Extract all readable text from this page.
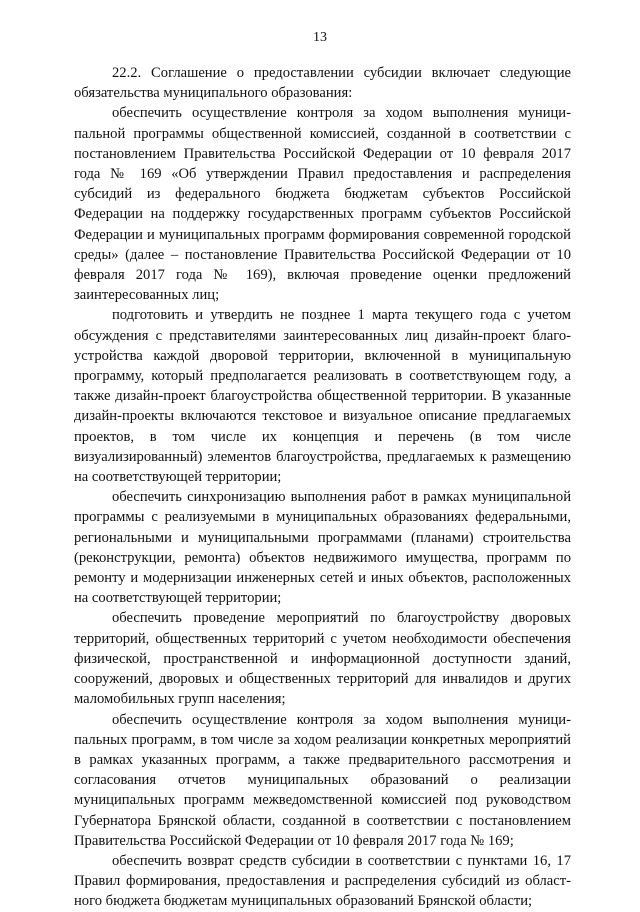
13

22.2. Соглашение о предоставлении субсидии включает следующие обязательства муниципального образования:

обеспечить осуществление контроля за ходом выполнения муниципальной программы общественной комиссией, созданной в соответствии с постановлением Правительства Российской Федерации от 10 февраля 2017 года № 169 «Об утверждении Правил предоставления и распределения субсидий из федерального бюджета бюджетам субъектов Российской Федерации на поддержку государственных программ субъектов Российской Федерации и муниципальных программ формирования современной городской среды» (далее – постановление Правительства Российской Федерации от 10 февраля 2017 года № 169), включая проведение оценки предложений заинтересованных лиц;

подготовить и утвердить не позднее 1 марта текущего года с учетом обсуждения с представителями заинтересованных лиц дизайн-проект благоустройства каждой дворовой территории, включенной в муниципальную программу, который предполагается реализовать в соответствующем году, а также дизайн-проект благоустройства общественной территории. В указанные дизайн-проекты включаются текстовое и визуальное описание предлагаемых проектов, в том числе их концепция и перечень (в том числе визуализированный) элементов благоустройства, предлагаемых к размещению на соответствующей территории;

обеспечить синхронизацию выполнения работ в рамках муниципальной программы с реализуемыми в муниципальных образованиях федеральными, региональными и муниципальными программами (планами) строительства (реконструкции, ремонта) объектов недвижимого имущества, программ по ремонту и модернизации инженерных сетей и иных объектов, расположенных на соответствующей территории;

обеспечить проведение мероприятий по благоустройству дворовых территорий, общественных территорий с учетом необходимости обеспечения физической, пространственной и информационной доступности зданий, сооружений, дворовых и общественных территорий для инвалидов и других маломобильных групп населения;

обеспечить осуществление контроля за ходом выполнения муниципальных программ, в том числе за ходом реализации конкретных мероприятий в рамках указанных программ, а также предварительного рассмотрения и согласования отчетов муниципальных образований о реализации муниципальных программ межведомственной комиссией под руководством Губернатора Брянской области, созданной в соответствии с постановлением Правительства Российской Федерации от 10 февраля 2017 года № 169;

обеспечить возврат средств субсидии в соответствии с пунктами 16, 17 Правил формирования, предоставления и распределения субсидий из областного бюджета бюджетам муниципальных образований Брянской области;
